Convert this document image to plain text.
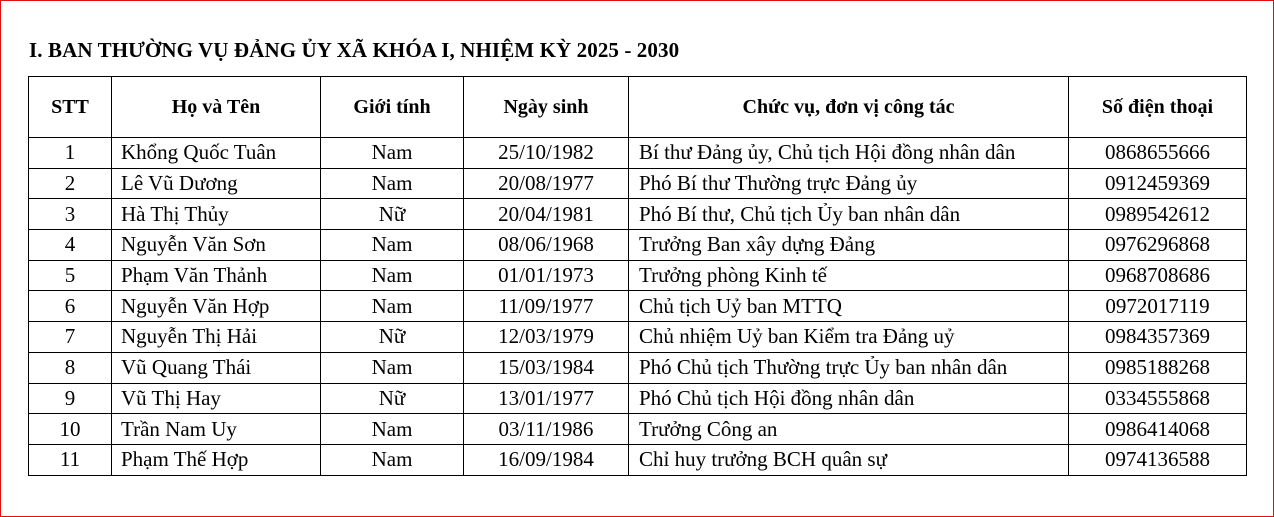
I. BAN THƯỜNG VỤ ĐẢNG ỦY XÃ KHÓA I, NHIỆM KỲ 2025 - 2030
STT	Họ và Tên	Giới tính	Ngày sinh	Chức vụ, đơn vị công tác	Số điện thoại
1	Khổng Quốc Tuân	Nam	25/10/1982	Bí thư Đảng ủy, Chủ tịch Hội đồng nhân dân	0868655666
2	Lê Vũ Dương	Nam	20/08/1977	Phó Bí thư Thường trực Đảng ủy	0912459369
3	Hà Thị Thủy	Nữ	20/04/1981	Phó Bí thư, Chủ tịch Ủy ban nhân dân	0989542612
4	Nguyễn Văn Sơn	Nam	08/06/1968	Trưởng Ban xây dựng Đảng	0976296868
5	Phạm Văn Thảnh	Nam	01/01/1973	Trưởng phòng Kinh tế	0968708686
6	Nguyễn Văn Hợp	Nam	11/09/1977	Chủ tịch Uỷ ban MTTQ	0972017119
7	Nguyễn Thị Hải	Nữ	12/03/1979	Chủ nhiệm Uỷ ban Kiểm tra Đảng uỷ	0984357369
8	Vũ Quang Thái	Nam	15/03/1984	Phó Chủ tịch Thường trực Ủy ban nhân dân	0985188268
9	Vũ Thị Hay	Nữ	13/01/1977	Phó Chủ tịch Hội đồng nhân dân	0334555868
10	Trần Nam Uy	Nam	03/11/1986	Trưởng Công an	0986414068
11	Phạm Thế Hợp	Nam	16/09/1984	Chỉ huy trưởng BCH quân sự	0974136588
